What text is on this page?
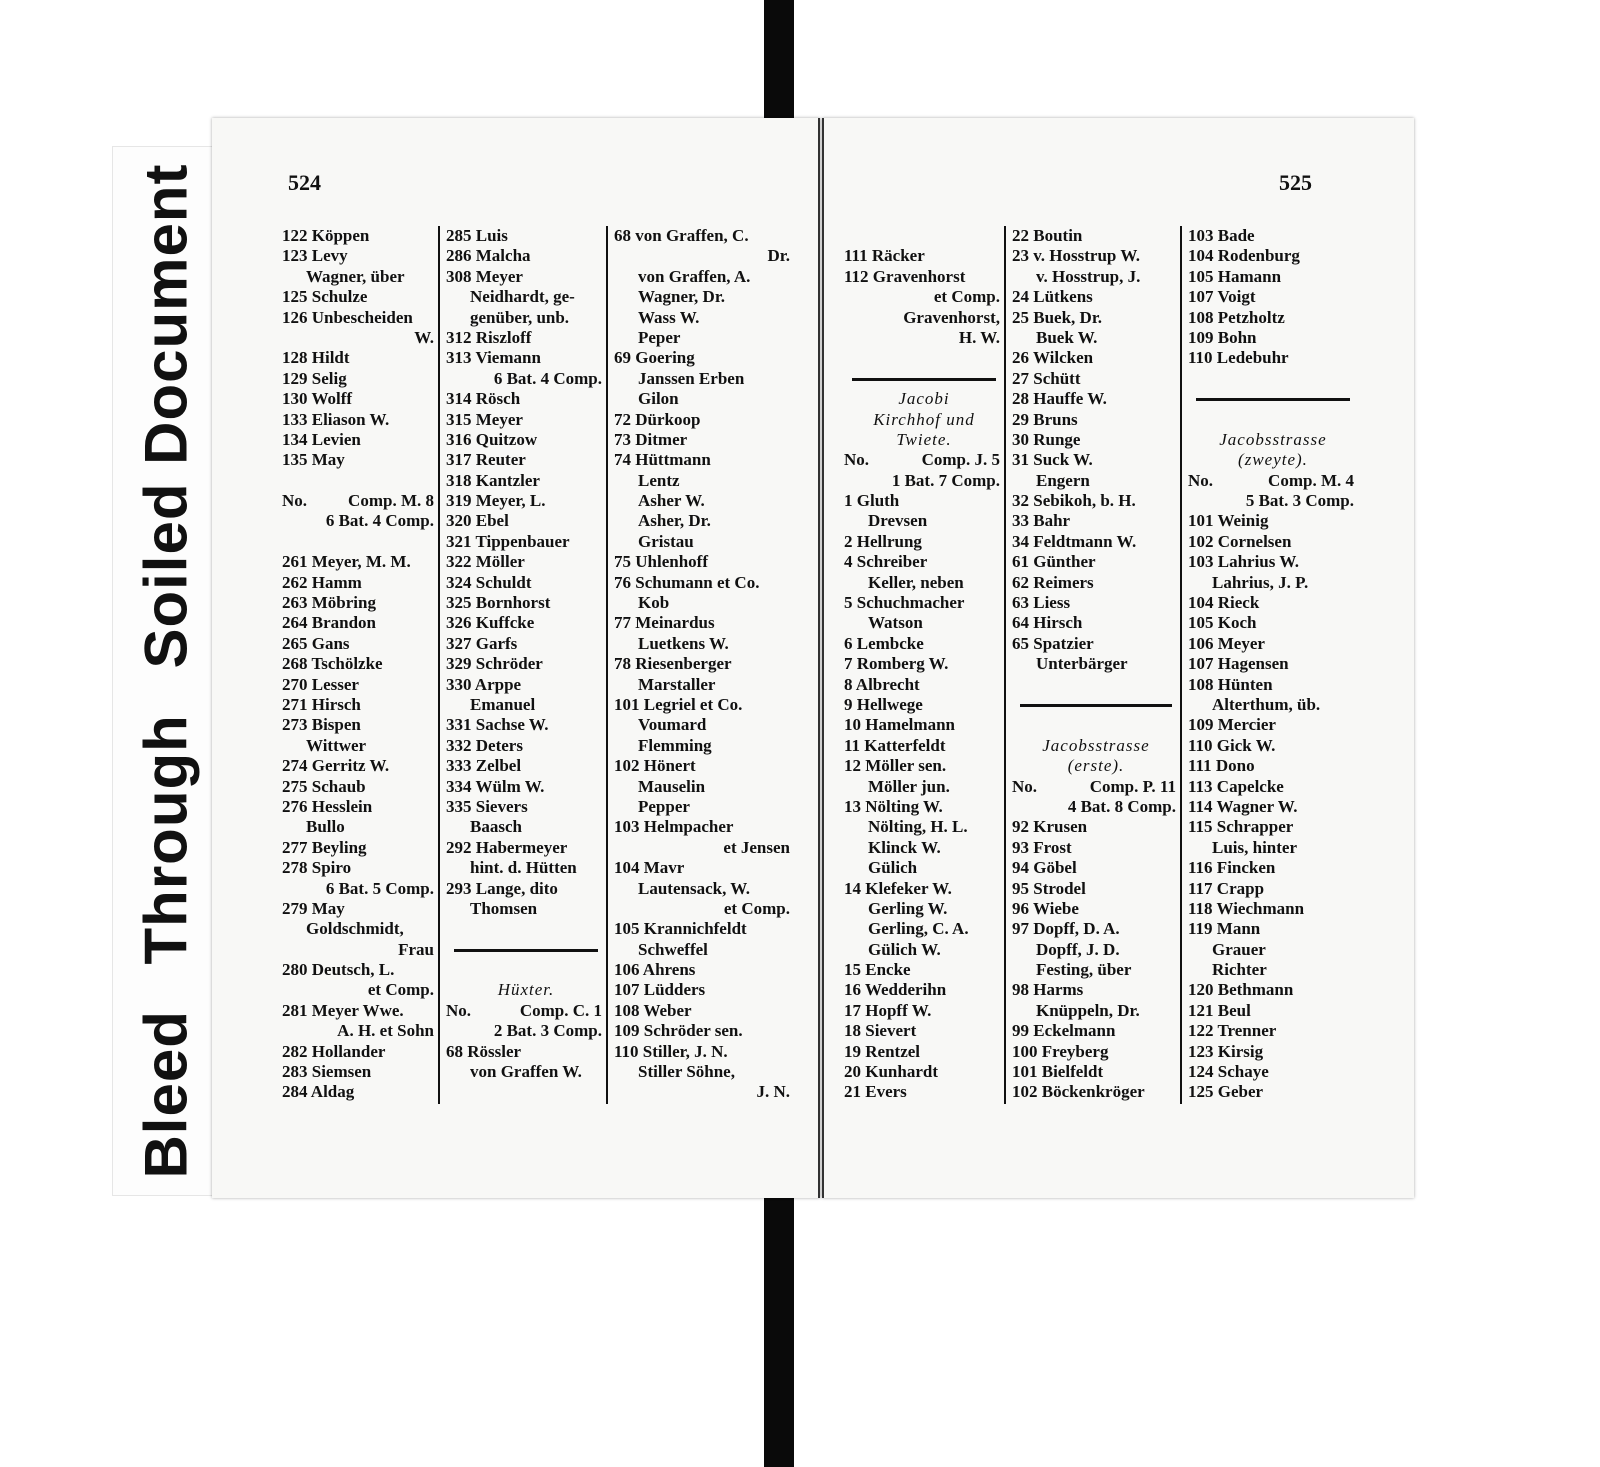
Bleed Through Soiled Document	524
122 Köppen
123 Levy
Wagner, über
125 Schulze
126 Unbescheiden
W.
128 Hildt
129 Selig
130 Wolff
133 Eliason W.
134 Levien
135 May
No. Comp. M. 8
6 Bat. 4 Comp.
261 Meyer, M. M.
262 Hamm
263 Möbring
264 Brandon
265 Gans
268 Tschölzke
270 Lesser
271 Hirsch
273 Bispen
Wittwer
274 Gerritz W.
275 Schaub
276 Hesslein
Bullo
277 Beyling
278 Spiro
6 Bat. 5 Comp.
279 May
Goldschmidt,
Frau
280 Deutsch, L.
et Comp.
281 Meyer Wwe.
A. H. et Sohn
282 Hollander
283 Siemsen
284 Aldag
285 Luis
286 Malcha
308 Meyer
Neidhardt, ge-
genüber, unb.
312 Riszloff
313 Viemann
6 Bat. 4 Comp.
314 Rösch
315 Meyer
316 Quitzow
317 Reuter
318 Kantzler
319 Meyer, L.
320 Ebel
321 Tippenbauer
322 Möller
324 Schuldt
325 Bornhorst
326 Kuffcke
327 Garfs
329 Schröder
330 Arppe
Emanuel
331 Sachse W.
332 Deters
333 Zelbel
334 Wülm W.
335 Sievers
Baasch
292 Habermeyer
hint. d. Hütten
293 Lange, dito
Thomsen
Hüxter.
No.	Comp. C. 1
2 Bat. 3 Comp.
68 Rössler
von Graffen W.
68 von Graffen, C.
Dr.
von Graffen, A.
Wagner, Dr.
Wass W.
Peper
69 Goering
Janssen Erben
Gilon
72 Dürkoop
73 Ditmer
74 Hüttmann
Lentz
Asher W.
Asher, Dr.
Gristau
75 Uhlenhoff
76 Schumann et Co.
Kob
77 Meinardus
Luetkens W.
78 Riesenberger
Marstaller
101 Legriel et Co.
Voumard
Flemming
102 Hönert
Mauselin
Pepper
103 Helmpacher
et Jensen
104 Mavr
Lautensack, W.
et Comp.
105 Krannichfeldt
Schweffel
106 Ahrens
107 Lüdders
108 Weber
109 Schröder sen.
110 Stiller, J. N.
Stiller Söhne,
J. N.
525
111 Räcker
112 Gravenhorst
et Comp.
Gravenhorst,
H. W.
Jacobi
Kirchhof und
Twiete.
No.	Comp. J. 5
1 Bat. 7 Comp.
1 Gluth
Drevsen
2 Hellrung
4 Schreiber
Keller, neben
5 Schuchmacher
Watson
6 Lembcke
7 Romberg W.
8 Albrecht
9 Hellwege
10 Hamelmann
11 Katterfeldt
12 Möller sen.
Möller jun.
13 Nölting W.
Nölting, H. L.
Klinck W.
Gülich
14 Klefeker W.
Gerling W.
Gerling, C. A.
Gülich W.
15 Encke
16 Wedderihn
17 Hopff W.
18 Sievert
19 Rentzel
20 Kunhardt
21 Evers
22 Boutin
23 v. Hosstrup W.
v. Hosstrup, J.
24 Lütkens
25 Buek, Dr.
Buek W.
26 Wilcken
27 Schütt
28 Hauffe W.
29 Bruns
30 Runge
31 Suck W.
Engern
32 Sebikoh, b. H.
33 Bahr
34 Feldtmann W.
61 Günther
62 Reimers
63 Liess
64 Hirsch
65 Spatzier
Unterbärger
Jacobsstrasse
(erste).
No.	Comp. P. 11
4 Bat. 8 Comp.
92 Krusen
93 Frost
94 Göbel
95 Strodel
96 Wiebe
97 Dopff, D. A.
Dopff, J. D.
Festing, über
98 Harms
Knüppeln, Dr.
99 Eckelmann
100 Freyberg
101 Bielfeldt
102 Böckenkröger
103 Bade
104 Rodenburg
105 Hamann
107 Voigt
108 Petzholtz
109 Bohn
110 Ledebuhr
Jacobsstrasse
(zweyte).
No.	Comp. M. 4
5 Bat. 3 Comp.
101 Weinig
102 Cornelsen
103 Lahrius W.
Lahrius, J. P.
104 Rieck
105 Koch
106 Meyer
107 Hagensen
108 Hünten
Alterthum, üb.
109 Mercier
110 Gick W.
111 Dono
113 Capelcke
114 Wagner W.
115 Schrapper
Luis, hinter
116 Fincken
117 Crapp
118 Wiechmann
119 Mann
Grauer
Richter
120 Bethmann
121 Beul
122 Trenner
123 Kirsig
124 Schaye
125 Geber
